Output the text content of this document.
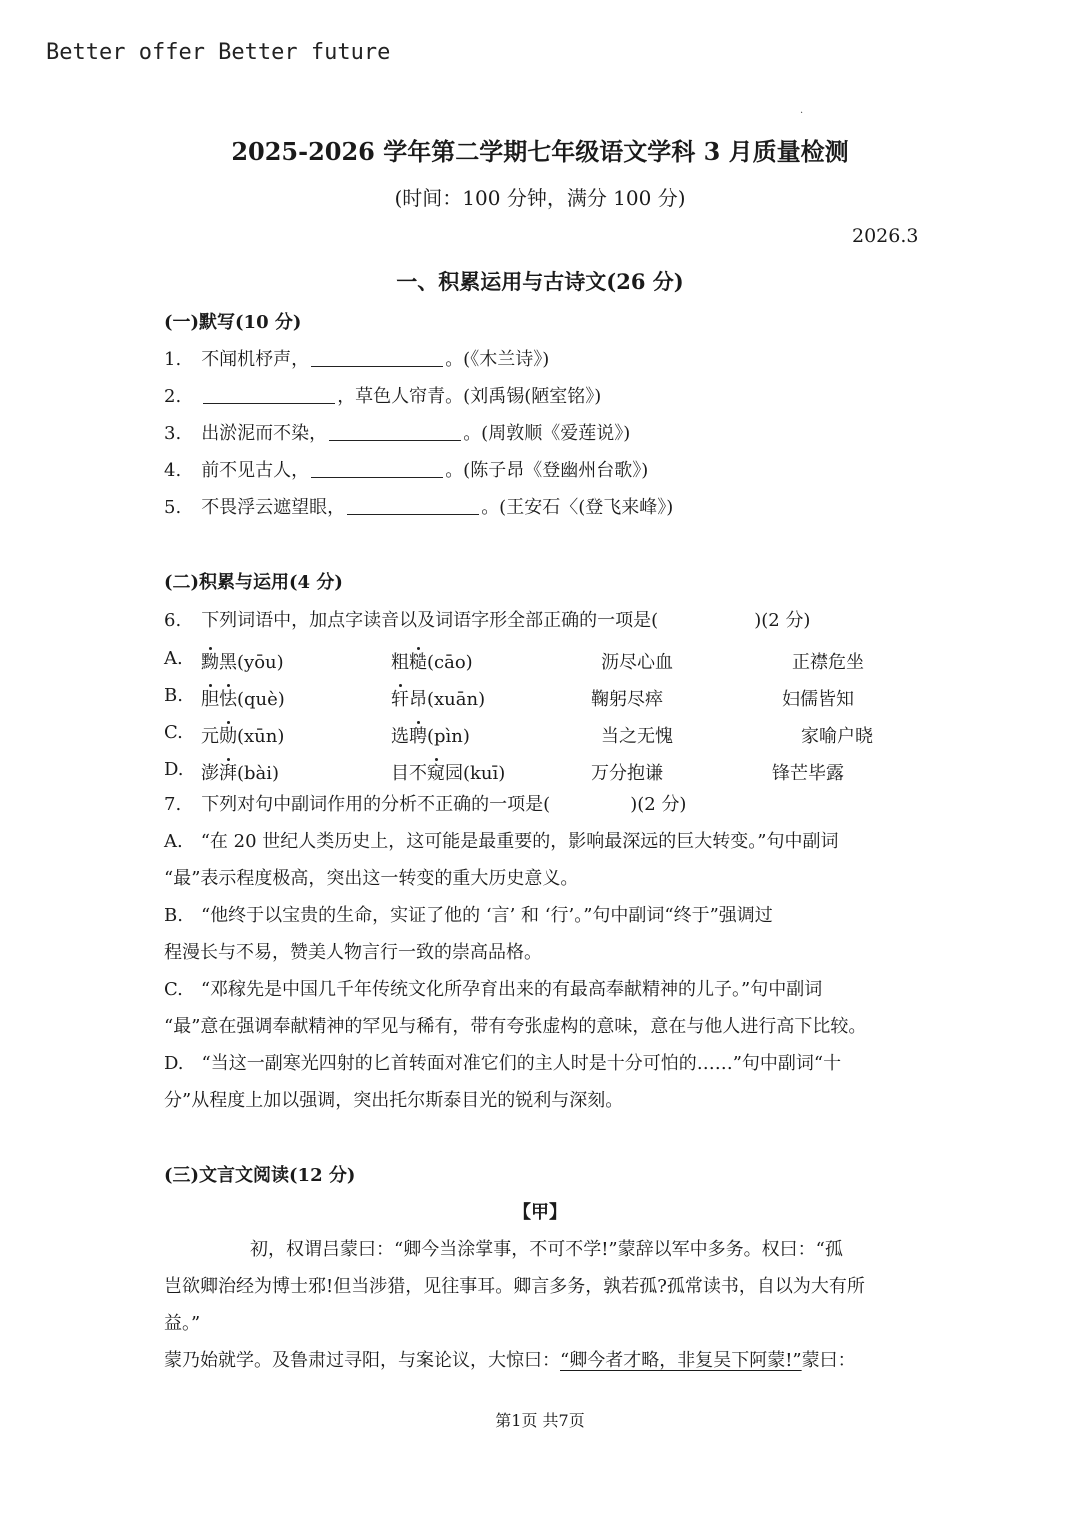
Better offer Better future
·
2025-2026 学年第二学期七年级语文学科 3 月质量检测
(时间：100 分钟，满分 100 分)
2026.3
一、积累运用与古诗文(26 分)
(一)默写(10 分)
1. 不闻机杼声，	。(《木兰诗》)
2.	，草色人帘青。(刘禹锡(陋室铭》)
3. 出淤泥而不染，	。(周敦顺《爱莲说》)
4. 前不见古人，	。(陈子昂《登幽州台歌》)
5. 不畏浮云遮望眼，	。(王安石〈(登飞来峰》)
(二)积累与运用(4 分)
6. 下列词语中，加点字读音以及词语字形全部正确的一项是(	)(2 分)
A. 黝黑(yōu)	粗糙(cāo)	沥尽心血	正襟危坐
B. 胆怯(què)	轩昂(xuān)	鞠躬尽瘁	妇儒皆知
C. 元勋(xūn)	选聘(pìn)	当之无愧	家喻户晓
D. 澎湃(bài)	目不窥园(kuī)	万分抱谦	锋芒毕露
7. 下列对句中副词作用的分析不正确的一项是(	)(2 分)
A.　“在 20 世纪人类历史上，这可能是最重要的，影响最深远的巨大转变。”句中副词
“最”表示程度极高，突出这一转变的重大历史意义。
B.　“他终于以宝贵的生命，实证了他的 ‘言’ 和 ‘行’。”句中副词“终于”强调过
程漫长与不易，赞美人物言行一致的崇高品格。
C.　“邓稼先是中国几千年传统文化所孕育出来的有最高奉献精神的儿子。”句中副词
“最”意在强调奉献精神的罕见与稀有，带有夸张虚构的意味，意在与他人进行高下比较。
D.　“当这一副寒光四射的匕首转面对准它们的主人时是十分可怕的……”句中副词“十
分”从程度上加以强调，突出托尔斯泰目光的锐利与深刻。
(三)文言文阅读(12 分)
【甲】
初，权谓吕蒙曰：“卿今当涂掌事，不可不学!”蒙辞以军中多务。权曰：“孤
岂欲卿治经为博士邪!但当涉猎，见往事耳。卿言多务，孰若孤?孤常读书，自以为大有所
益。”
蒙乃始就学。及鲁肃过寻阳，与案论议，大惊曰：“卿今者才略，非复吴下阿蒙!”蒙曰：
第1页 共7页
